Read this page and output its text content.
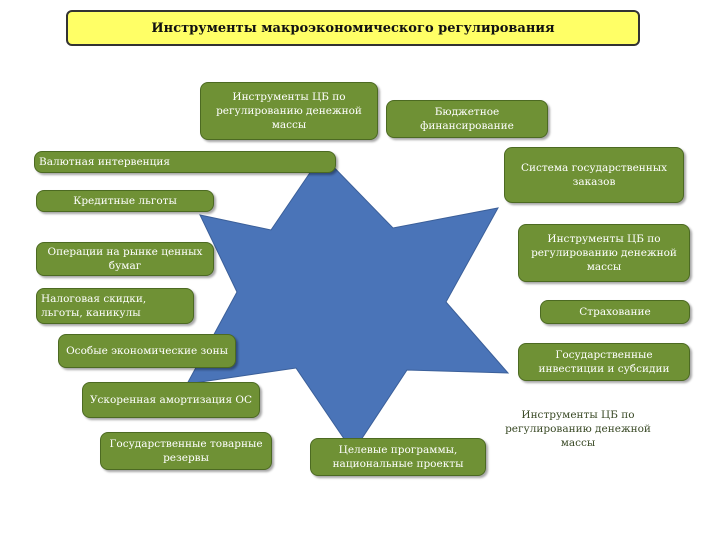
Инструменты макроэкономического регулирования
Инструменты ЦБ по регулированию денежной массы
Бюджетное финансирование
Валютная интервенция	Система государственных заказов
Кредитные льготы
Операции на рынке ценных бумаг
Инструменты ЦБ по регулированию денежной массы
Налоговая скидки, льготы, каникулы	Страхование
Особые экономические зоны	Государственные инвестиции и субсидии
Ускоренная амортизация ОС
Инструменты ЦБ по регулированию денежной массы
Государственные товарные резервы
Целевые программы, национальные проекты
